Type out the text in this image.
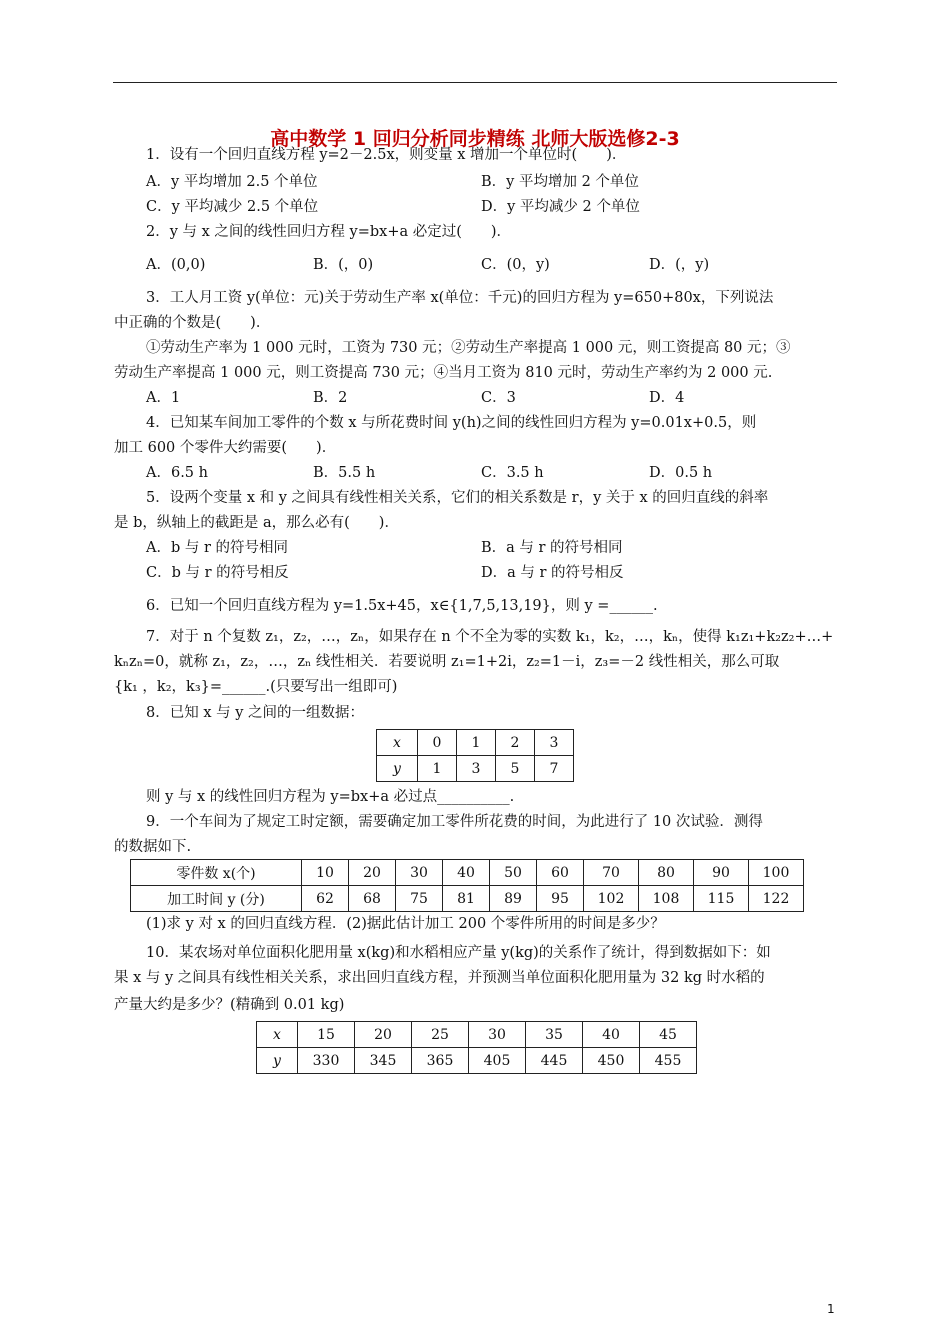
高中数学 1 回归分析同步精练 北师大版选修2-3
1．设有一个回归直线方程 y=2－2.5x，则变量 x 增加一个单位时(　　)．
A．y 平均增加 2.5 个单位	B．y 平均增加 2 个单位
C．y 平均减少 2.5 个单位	D．y 平均减少 2 个单位
2．y 与 x 之间的线性回归方程 y=bx+a 必定过(　　)．
A．(0,0)	B．(，0)	C．(0，y)	D．(，y)
3．工人月工资 y(单位：元)关于劳动生产率 x(单位：千元)的回归方程为 y=650+80x，下列说法
中正确的个数是(　　)．
①劳动生产率为 1 000 元时，工资为 730 元；②劳动生产率提高 1 000 元，则工资提高 80 元；③
劳动生产率提高 1 000 元，则工资提高 730 元；④当月工资为 810 元时，劳动生产率约为 2 000 元.
A．1	B．2	C．3	D．4
4．已知某车间加工零件的个数 x 与所花费时间 y(h)之间的线性回归方程为 y=0.01x+0.5，则
加工 600 个零件大约需要(　　)．
A．6.5 h	B．5.5 h	C．3.5 h	D．0.5 h
5．设两个变量 x 和 y 之间具有线性相关关系，它们的相关系数是 r，y 关于 x 的回归直线的斜率
是 b，纵轴上的截距是 a，那么必有(　　)．
A．b 与 r 的符号相同	B．a 与 r 的符号相同
C．b 与 r 的符号相反	D．a 与 r 的符号相反
6．已知一个回归直线方程为 y=1.5x+45，x∈{1,7,5,13,19}，则 y =______.
7．对于 n 个复数 z₁，z₂，…，zₙ，如果存在 n 个不全为零的实数 k₁，k₂，…，kₙ，使得 k₁z₁+k₂z₂+…+
kₙzₙ=0，就称 z₁，z₂，…，zₙ 线性相关．若要说明 z₁=1+2i，z₂=1－i，z₃=－2 线性相关，那么可取
{k₁ ，k₂，k₃}=______.(只要写出一组即可)
8．已知 x 与 y 之间的一组数据：
x	0	1	2	3
y	1	3	5	7
则 y 与 x 的线性回归方程为 y=bx+a 必过点__________.
9．一个车间为了规定工时定额，需要确定加工零件所花费的时间，为此进行了 10 次试验．测得
的数据如下.
零件数 x(个)	10	20	30	40	50	60	70	80	90	100
加工时间 y (分)	62	68	75	81	89	95	102	108	115	122
(1)求 y 对 x 的回归直线方程．(2)据此估计加工 200 个零件所用的时间是多少？
10．某农场对单位面积化肥用量 x(kg)和水稻相应产量 y(kg)的关系作了统计，得到数据如下：如
果 x 与 y 之间具有线性相关关系，求出回归直线方程，并预测当单位面积化肥用量为 32 kg 时水稻的
产量大约是多少？(精确到 0.01 kg)
x	15	20	25	30	35	40	45
y	330	345	365	405	445	450	455
1
